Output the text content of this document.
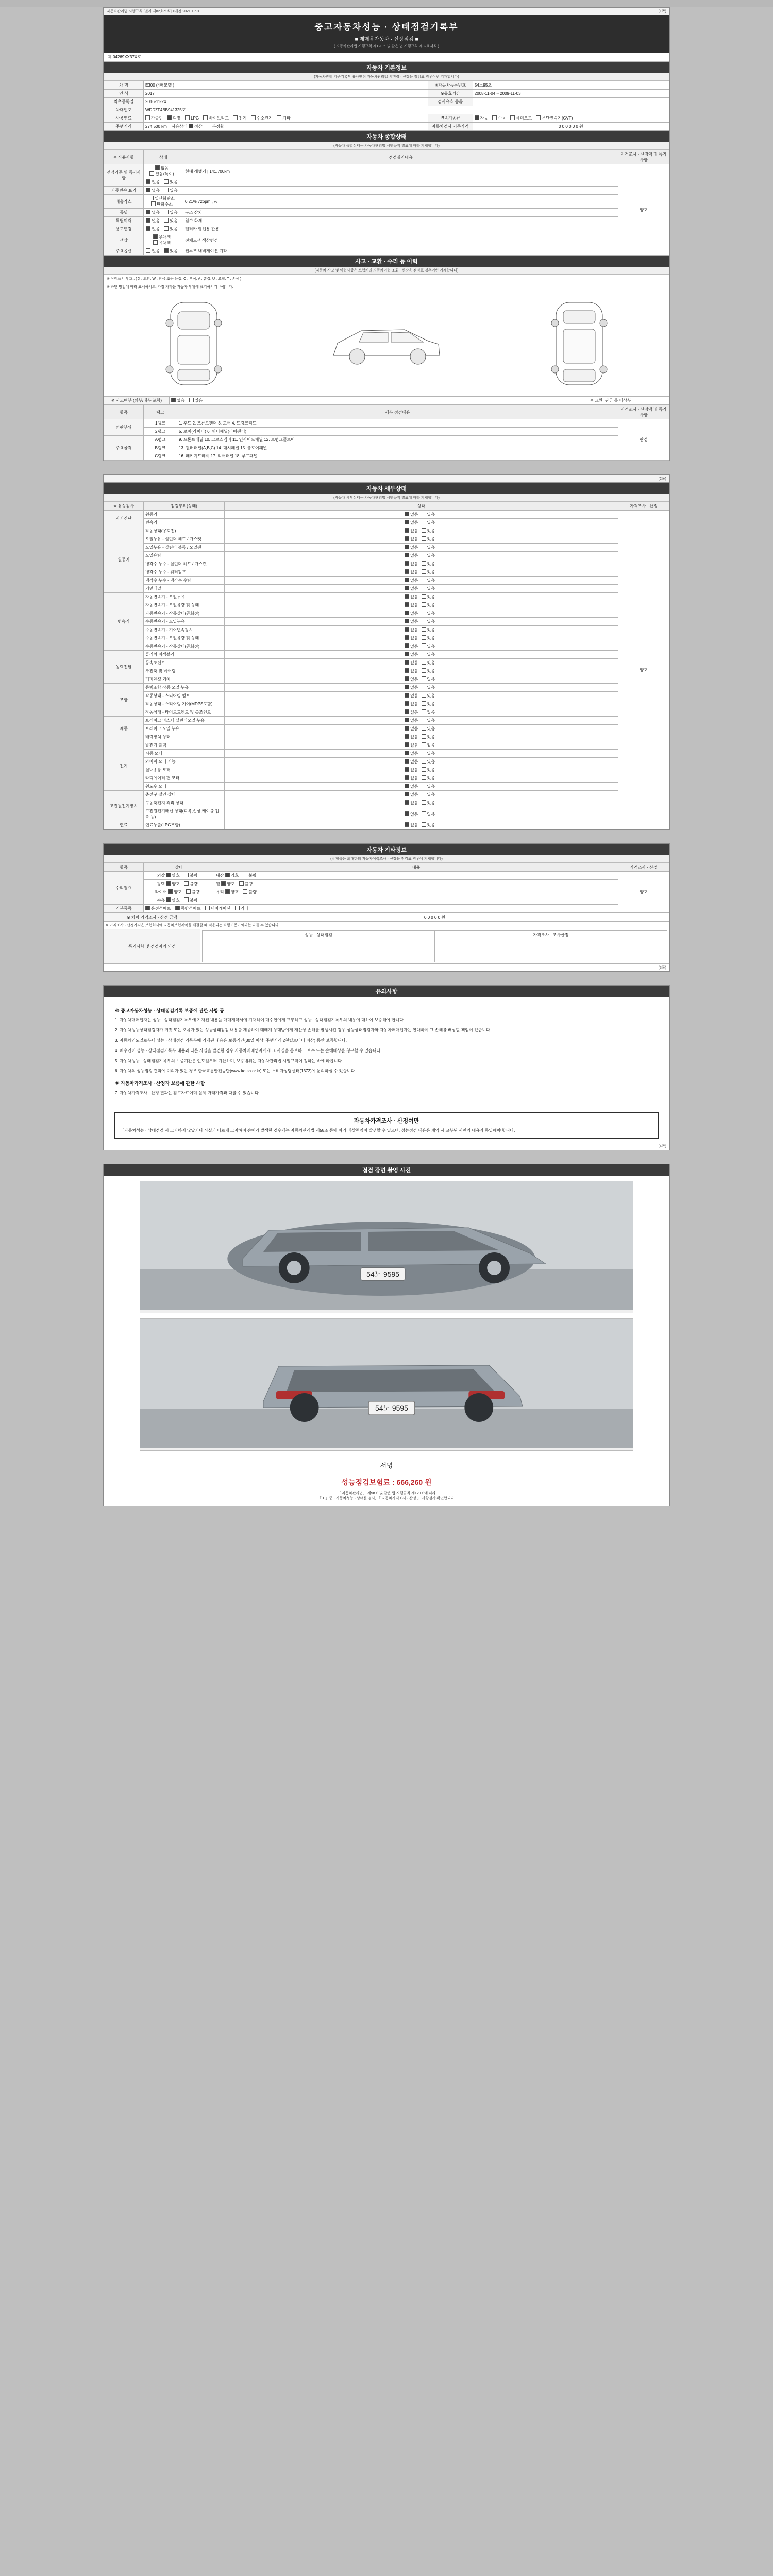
자동차관리법 시행규칙 [별지 제82호서식] <개정 2021.1.5.>	(1쪽)
중고자동차성능 · 상태점검기록부
■ 매매용자동차 · 신장점검 ■
( 자동차관리법 시행규칙 제120조 및 같은 법 시행규칙 제82호서식 )
제 04269XX37X호
자동차 기본정보
(자동차관리 기준기록부 용사안허 자동차관리법 시행령 · 신장용 점검표 경우여변 기재합니다)
차 명	E300 (4매모델 )	※자동차등록번호	54노95오
연 식	2017	※유효기간	2008-11-04 ~ 2009-11-03
최초등록일	2016-11-24	검사유효 종류	
차대번호	WDDZF4BB941325호		
사용연료	가솔린 디젤 LPG 하이브리드 전기 수소전기 기타	변속기종류	자동 수동 세미오토 무단변속기(CVT)
주행거리	274,500 km 사용상태 정상 부정확	자동차검사 기준가격	0 0 0 0 0 0 원
자동차 종합상태
(자동차 종합상태는 자동차관리법 시행규칙 별표에 따라 기재합니다)
※ 사용사항	상태	점검결과내용	가격조사 · 산정액 및 특기사항
전점기준 및 특기사항	없음 있음(특이)	현대 레했거 | 141,700km	양호
	없음 있음		
자동변속 표기	없음 있음		
배출가스	일산화탄소 탄화수소	0.21% 72ppm , %	
튜닝	없음 있음	구조 장치	
특별이력	없음 있음	침수 화재	
용도변경	없음 있음	렌터카 영업용 관용	
색상	무채색 유채색	전체도색 색상변경	
주요옵션	없음 있음	썬루프 내비게이션 기타	
사고 · 교환 · 수리 등 이력
(자동차 사고 및 이력사항은 보험처리 자동차이력 조회 · 신장용 점검표 경우여변 기재합니다)
※ 상태표시 부호 : ( X : 교환, W : 판금 또는 용접, C : 부식, A : 흠집, U : 요철, T : 손상 )
※ 하단 방법에 따라 표시하시고, 가장 가까운 자동차 부위에 표기하시기 바랍니다.
※ 사고여부 (외부/내부 포함)	없음 있음	※ 교환, 판금 등 이상부
항목	랭크	세부 점검내용	가격조사 · 산정액 및 특기사항
외판부위	1랭크	1. 후드 2. 프론트팬더 3. 도어 4. 트렁크리드	판정
	2랭크	5. 로어(라이터) 6. 쿼터패널(리어팬더)	
주요골격	A랭크	9. 프론트패널 10. 크로스멤버 11. 인사이드패널 12. 트렁크플로어	
	B랭크	13. 필러패널(A,B,C) 14. 대시패널 15. 플로어패널	
	C랭크	16. 패키지트레이 17. 리어패널 18. 루프패널	
(2쪽)
자동차 세부상태
(자동차 세부상태는 자동차관리법 시행규칙 별표에 따라 기재합니다)
※ 유상검사	점검부위(상태)	상태	가격조사 · 산정
자기진단	원동기	없음 있음	양호
	변속기	없음 있음	
원동기	작동상태(공회전)	없음 있음	
	오일누유 - 실린더 헤드 / 가스켓	없음 있음	
	오일누유 - 실린더 블록 / 오일팬	없음 있음	
	오일유량	없음 있음	
	냉각수 누수 - 실린더 헤드 / 가스켓	없음 있음	
	냉각수 누수 - 워터펌프	없음 있음	
	냉각수 누수 - 냉각수 수량	없음 있음	
	커먼레일	없음 있음	
변속기	자동변속기 - 오일누유	없음 있음	
	자동변속기 - 오일유량 및 상태	없음 있음	
	자동변속기 - 작동상태(공회전)	없음 있음	
	수동변속기 - 오일누유	없음 있음	
	수동변속기 - 기어변속장치	없음 있음	
	수동변속기 - 오일유량 및 상태	없음 있음	
	수동변속기 - 작동상태(공회전)	없음 있음	
동력전달	클러치 어셈블리	없음 있음	
	등속조인트	없음 있음	
	추진축 및 베어링	없음 있음	
	디퍼렌셜 기어	없음 있음	
조향	동력조향 작동 오일 누유	없음 있음	
	작동상태 - 스티어링 펌프	없음 있음	
	작동상태 - 스티어링 기어(MDPS포함)	없음 있음	
	작동상태 - 타이로드엔드 및 볼조인트	없음 있음	
제동	브레이크 마스터 실린더오일 누유	없음 있음	
	브레이크 오일 누유	없음 있음	
	배력장치 상태	없음 있음	
전기	발전기 출력	없음 있음	
	시동 모터	없음 있음	
	와이퍼 모터 기능	없음 있음	
	실내송풍 모터	없음 있음	
	라디에이터 팬 모터	없음 있음	
	윈도우 모터	없음 있음	
고전원전기장치	충전구 절연 상태	없음 있음	
	구동축전지 격리 상태	없음 있음	
	고전원전기배선 상태(피복,손상,케이블 접촉 등)	없음 있음	
연료	연료누출(LPG포함)	없음 있음	
자동차 기타정보
(※ 항목은 최대한의 자동차이력조사 · 신장용 점검표 경우에 기재합니다)
항목	상태	내용	가격조사 · 산정
수리필요	외장 양호 불량	내장 양호 불량	양호
	광택 양호 불량	휠 양호 불량	
	타이어 양호 불량	유리 양호 불량	
	속음 양호 불량		
기본품목	운전석매트 동반석매트 네비게이션 기타		
※ 차량 가격조사 · 산정 금액	0 0 0 0 0 원
※ 가격조사 · 산정가격은 보험회사에 자동차보험계약을 체결할 때 적용되는 차량기준가액과는 다를 수 있습니다.
특기사항 및 점검자의 의견	
성능 · 상태점검	가격조사 · 조사산정

(3쪽)
유의사항
※ 중고자동차성능 · 상태점검기록 보증에 관한 사항 등

1. 자동차매매업자는 성능 · 상태점검기록부에 기재된 내용을 매매계약서에 기재하여 매수인에게 교부하고 성능 · 상태점검기록부의 내용에 대하여 보증해야 합니다.

2. 자동차성능상태점검자가 거짓 또는 오류가 있는 성능상태점검 내용을 제공하여 매매계 상대방에게 재산상 손해를 발생시킨 경우 성능상태점검자와 자동차매매업자는 연대하여 그 손해를 배상할 책임이 있습니다.

3. 자동차인도일로부터 성능 · 상태점검 기록부에 기재된 내용은 보증기간(30일 이상, 주행거리 2천킬로미터 이상) 동안 보증합니다.

4. 매수인이 성능 · 상태점검기록부 내용과 다른 사실을 발견한 경우 자동차매매업자에게 그 사실을 통보하고 보수 또는 손해배상을 청구할 수 있습니다.

5. 자동차성능 · 상태점검기록부의 보증기간은 인도일부터 기산하며, 보증범위는 자동차관리법 시행규칙이 정하는 바에 따릅니다.

6. 자동차의 성능점검 결과에 이의가 있는 경우 한국교통안전공단(www.kotsa.or.kr) 또는 소비자상담센터(1372)에 문의하실 수 있습니다.

※ 자동차가격조사 · 산정자 보증에 관한 사항

7. 자동차가격조사 · 산정 결과는 참고자료이며 실제 거래가격과 다를 수 있습니다.

자동차가격조사 · 산정여만
「자동차성능 · 상태점검 시 고지하지 않았거나 사실과 다르게 고지하여 손해가 발생한 경우에는 자동차관리법 제58조 등에 따라 배상책임이 발생할 수 있으며, 성능점검 내용은 계약 시 교부된 서면의 내용과 동일해야 합니다.」
(4쪽)
점검 장면 촬영 사진
54노 9595
54노 9595
서명
성능점검보험료 : 666,260 원
「 자동차관리법」 제58조 및 같은 법 시행규칙 제120조에 따라
「 1 」중고자동차성능 · 상태를 검사, 「 자동차가격조사 · 산정 」 사항검사 확인합니다.
